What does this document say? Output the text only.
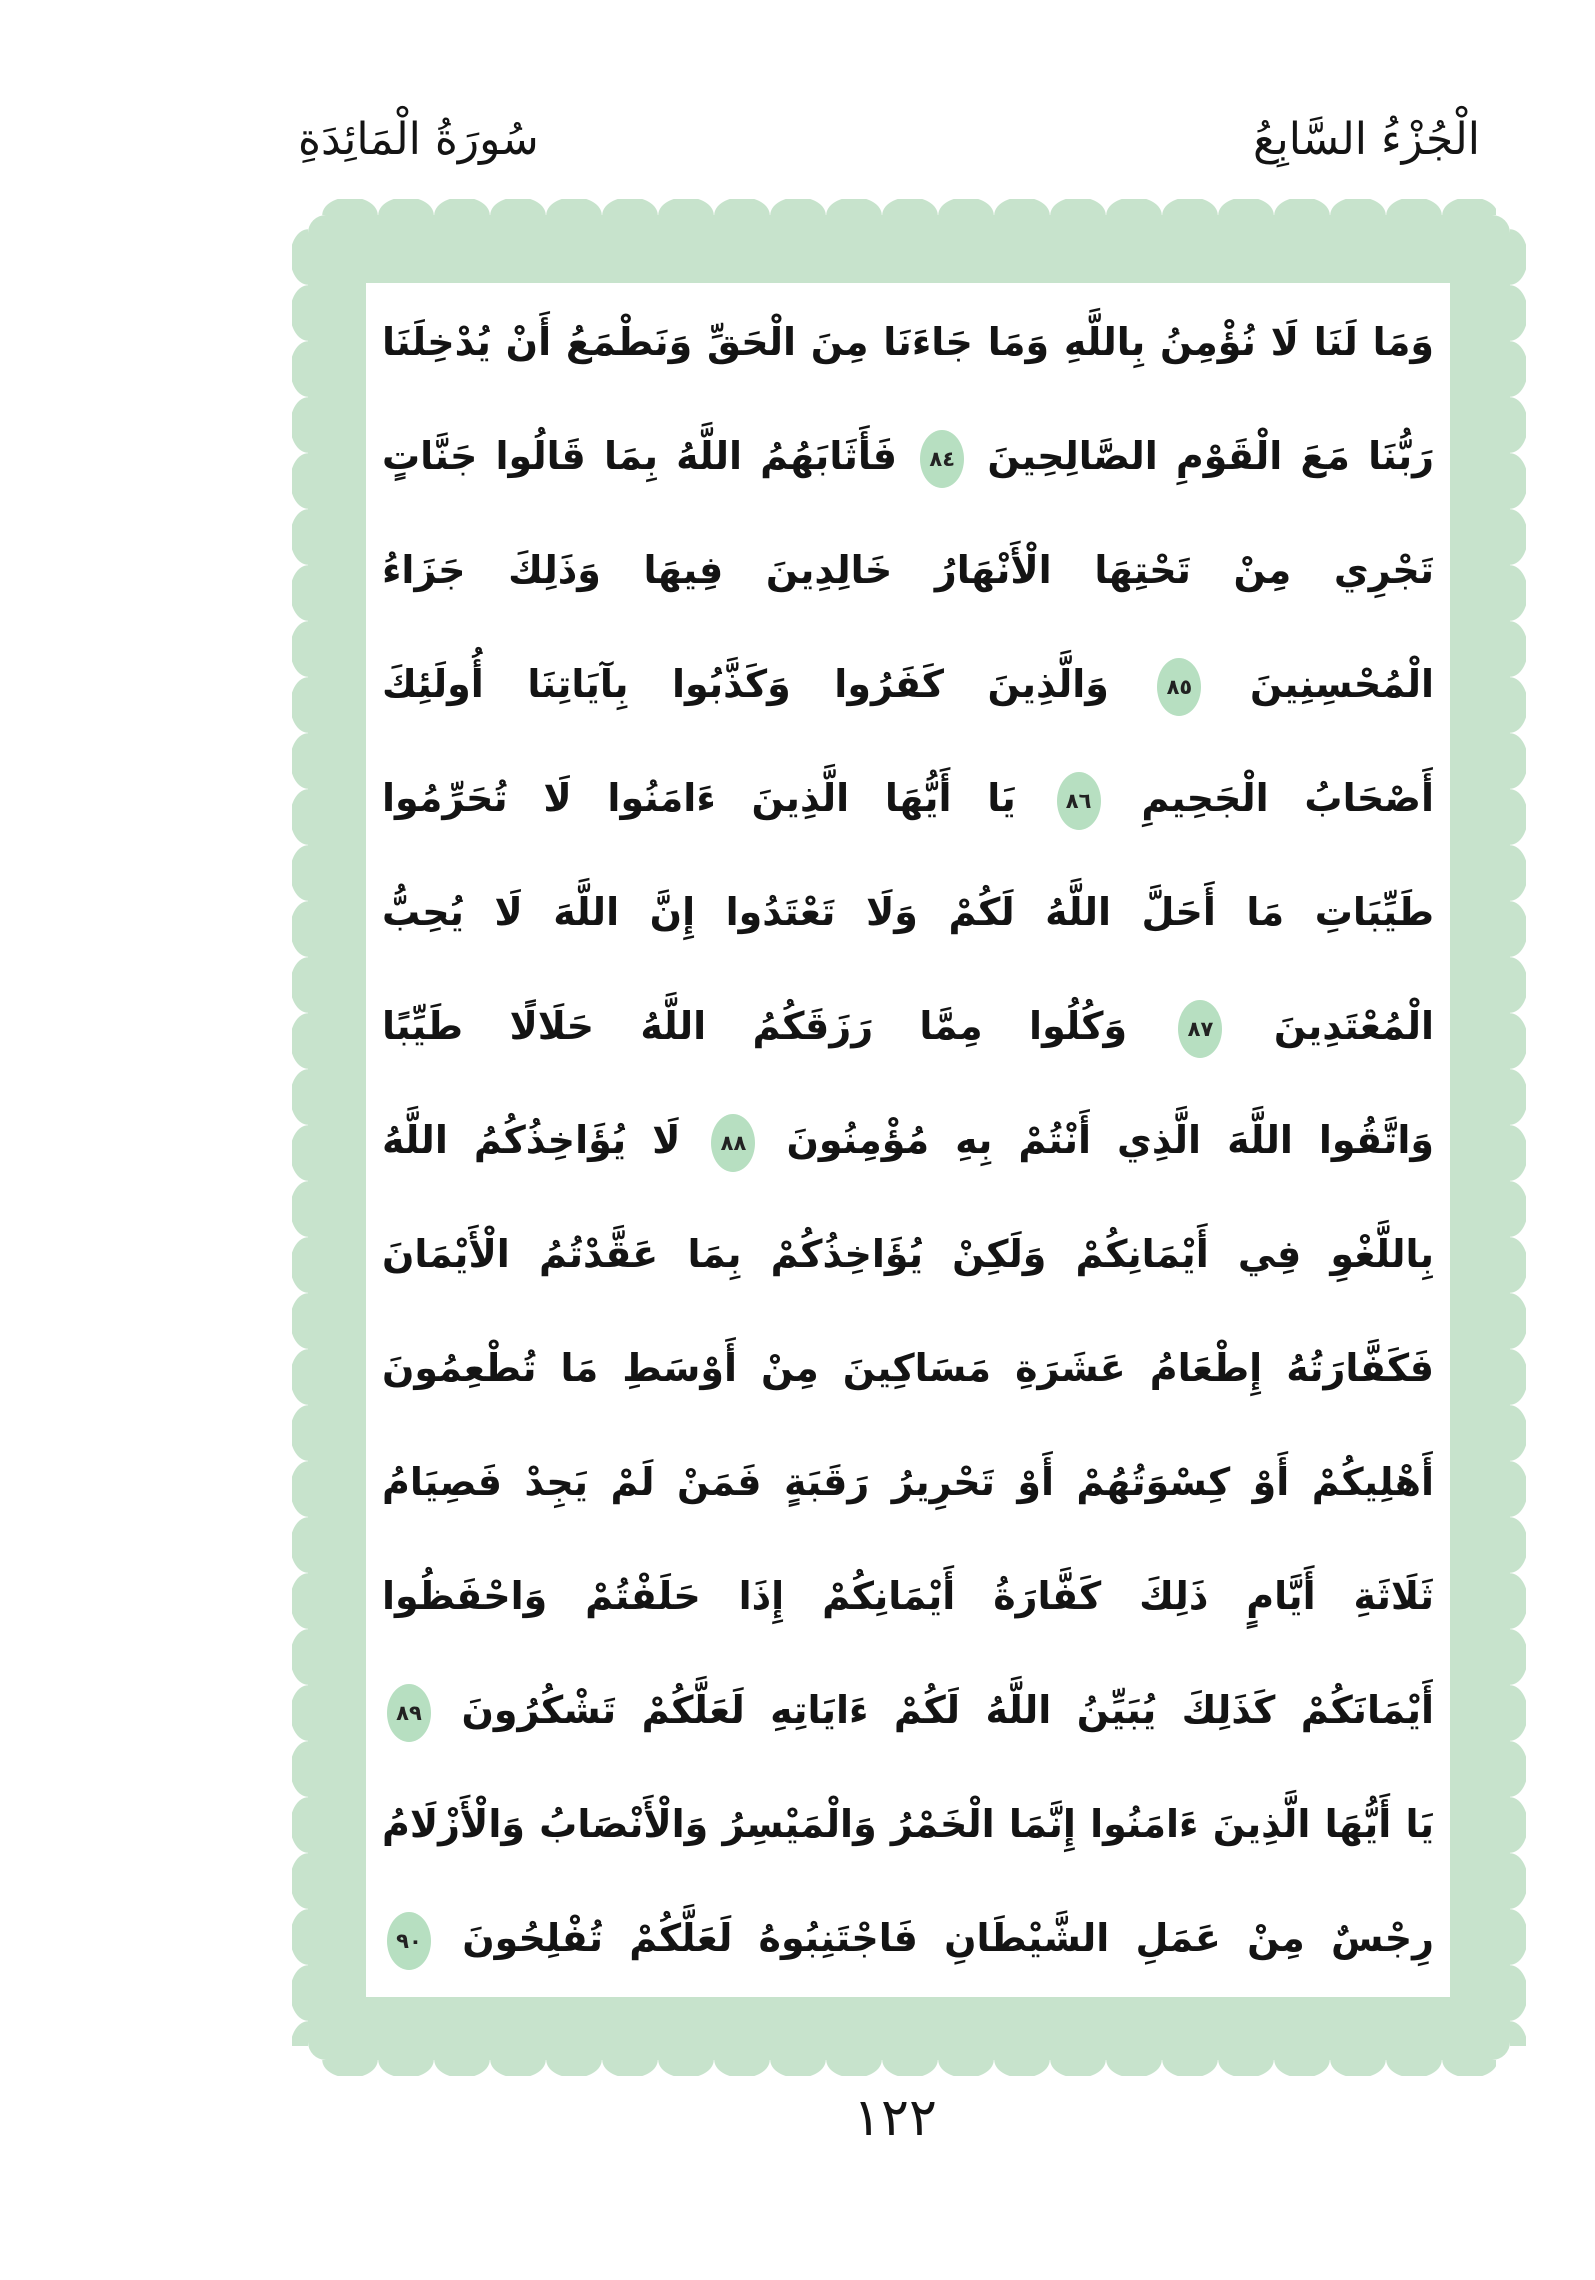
الْجُزْءُ السَّابِعُ
سُورَةُ الْمَائِدَةِ
وَمَا لَنَا لَا نُؤْمِنُ بِاللَّهِ وَمَا جَاءَنَا مِنَ الْحَقِّ وَنَطْمَعُ أَنْ يُدْخِلَنَا
رَبُّنَا مَعَ الْقَوْمِ الصَّالِحِينَ ٨٤ فَأَثَابَهُمُ اللَّهُ بِمَا قَالُوا جَنَّاتٍ
تَجْرِي مِنْ تَحْتِهَا الْأَنْهَارُ خَالِدِينَ فِيهَا وَذَلِكَ جَزَاءُ
الْمُحْسِنِينَ ٨٥ وَالَّذِينَ كَفَرُوا وَكَذَّبُوا بِآيَاتِنَا أُولَئِكَ
أَصْحَابُ الْجَحِيمِ ٨٦ يَا أَيُّهَا الَّذِينَ ءَامَنُوا لَا تُحَرِّمُوا
طَيِّبَاتِ مَا أَحَلَّ اللَّهُ لَكُمْ وَلَا تَعْتَدُوا إِنَّ اللَّهَ لَا يُحِبُّ
الْمُعْتَدِينَ ٨٧ وَكُلُوا مِمَّا رَزَقَكُمُ اللَّهُ حَلَالًا طَيِّبًا
وَاتَّقُوا اللَّهَ الَّذِي أَنْتُمْ بِهِ مُؤْمِنُونَ ٨٨ لَا يُؤَاخِذُكُمُ اللَّهُ
بِاللَّغْوِ فِي أَيْمَانِكُمْ وَلَكِنْ يُؤَاخِذُكُمْ بِمَا عَقَّدْتُمُ الْأَيْمَانَ
فَكَفَّارَتُهُ إِطْعَامُ عَشَرَةِ مَسَاكِينَ مِنْ أَوْسَطِ مَا تُطْعِمُونَ
أَهْلِيكُمْ أَوْ كِسْوَتُهُمْ أَوْ تَحْرِيرُ رَقَبَةٍ فَمَنْ لَمْ يَجِدْ فَصِيَامُ
ثَلَاثَةِ أَيَّامٍ ذَلِكَ كَفَّارَةُ أَيْمَانِكُمْ إِذَا حَلَفْتُمْ وَاحْفَظُوا
أَيْمَانَكُمْ كَذَلِكَ يُبَيِّنُ اللَّهُ لَكُمْ ءَايَاتِهِ لَعَلَّكُمْ تَشْكُرُونَ ٨٩
يَا أَيُّهَا الَّذِينَ ءَامَنُوا إِنَّمَا الْخَمْرُ وَالْمَيْسِرُ وَالْأَنْصَابُ وَالْأَزْلَامُ
رِجْسٌ مِنْ عَمَلِ الشَّيْطَانِ فَاجْتَنِبُوهُ لَعَلَّكُمْ تُفْلِحُونَ ٩٠
١٢٢
